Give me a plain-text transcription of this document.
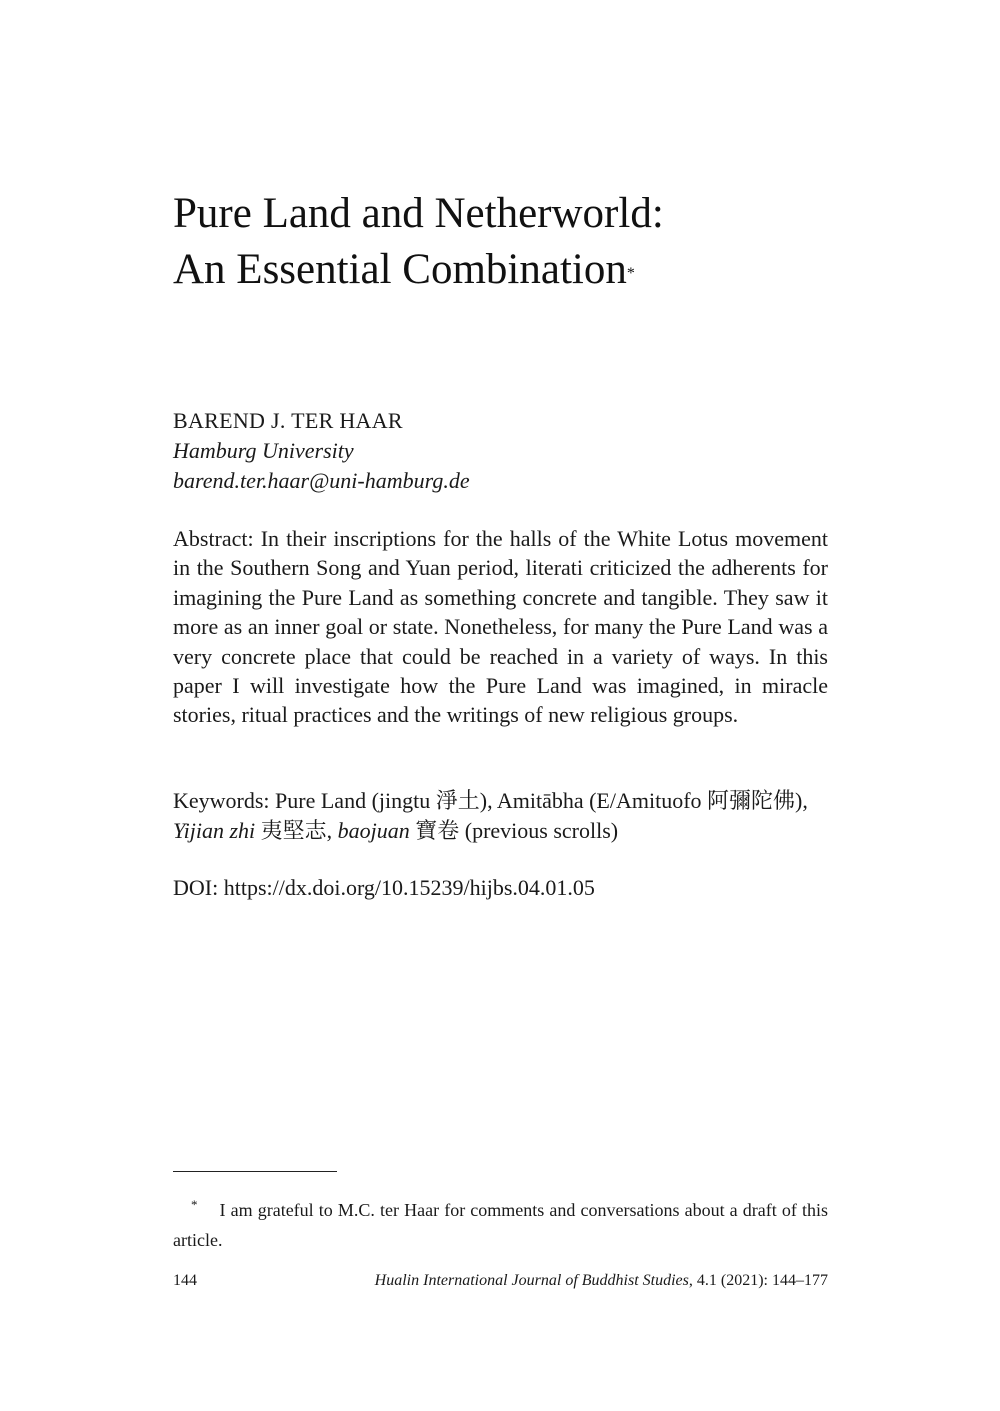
Pure Land and Netherworld:
An Essential Combination*
BAREND J. TER HAAR
Hamburg University
barend.ter.haar@uni-hamburg.de

Abstract: In their inscriptions for the halls of the White Lotus movement in the Southern Song and Yuan period, literati criticized the adherents for imagining the Pure Land as something concrete and tangible. They saw it more as an inner goal or state. Nonetheless, for many the Pure Land was a very concrete place that could be reached in a variety of ways. In this paper I will investigate how the Pure Land was imagined, in miracle stories, ritual practices and the writings of new religious groups.

Keywords: Pure Land (jingtu 淨土), Amitābha (E/Amituofo 阿彌陀佛), Yijian zhi 夷堅志, baojuan 寶卷 (previous scrolls)

DOI: https://dx.doi.org/10.15239/hijbs.04.01.05

* I am grateful to M.C. ter Haar for comments and conversations about a draft of this article.

144	Hualin International Journal of Buddhist Studies, 4.1 (2021): 144–177
